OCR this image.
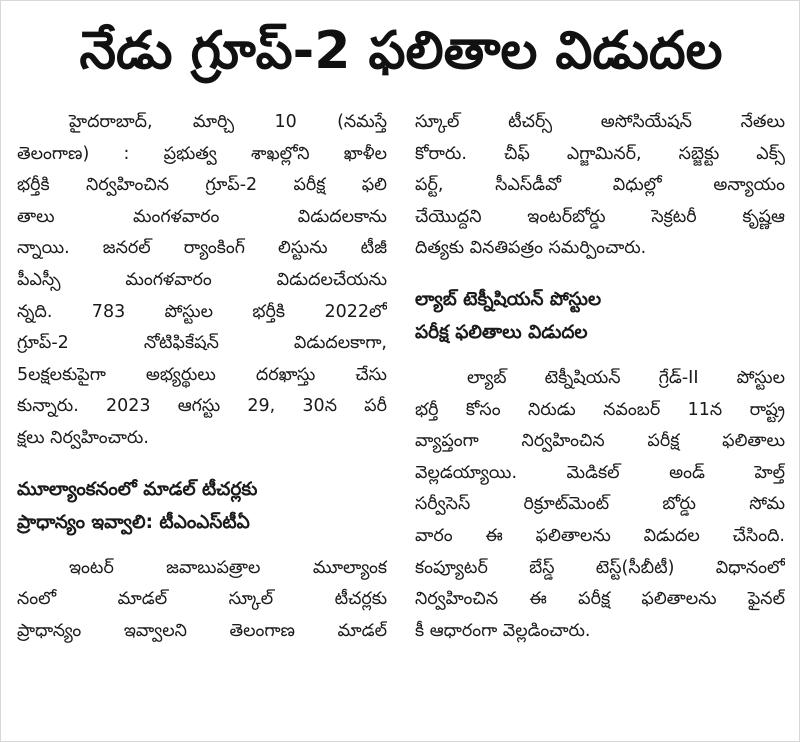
నేడు గ్రూప్‌-2 ఫలితాల విడుదల
హైదరాబాద్‌, మార్చి 10 (నమస్తే
తెలంగాణ) : ప్రభుత్వ శాఖల్లోని ఖాళీల
భర్తీకి నిర్వహించిన గ్రూప్‌-2 పరీక్ష ఫలి
తాలు మంగళవారం విడుదలకాను
న్నాయి. జనరల్‌ ర్యాంకింగ్‌ లిస్టును టీజీ
పీఎస్సీ మంగళవారం విడుదలచేయను
న్నది. 783 పోస్టుల భర్తీకి 2022లో
గ్రూప్‌-2 నోటిఫికేషన్‌ విడుదలకాగా,
5లక్షలకుపైగా అభ్యర్థులు దరఖాస్తు చేసు
కున్నారు. 2023 ఆగస్టు 29, 30న పరీ
క్షలు నిర్వహించారు.
మూల్యాంకనంలో మాడల్‌ టీచర్లకు
ప్రాధాన్యం ఇవ్వాలి: టీఎంఎస్‌టీఏ
ఇంటర్‌ జవాబుపత్రాల మూల్యాంక
నంలో మాడల్‌ స్కూల్‌ టీచర్లకు
ప్రాధాన్యం ఇవ్వాలని తెలంగాణ మాడల్‌
స్కూల్‌ టీచర్స్‌ అసోసియేషన్‌ నేతలు
కోరారు. చీఫ్‌ ఎగ్జామినర్‌, సబ్జెక్టు ఎక్స్‌
పర్ట్‌, సీఎస్‌డీవో విధుల్లో అన్యాయం
చేయొద్దని ఇంటర్‌బోర్డు సెక్రటరీ కృష్ణఆ
దిత్యకు వినతిపత్రం సమర్పించారు.
ల్యాబ్‌ టెక్నీషియన్‌ పోస్టుల
పరీక్ష ఫలితాలు విడుదల
ల్యాబ్‌ టెక్నీషియన్‌ గ్రేడ్‌-II పోస్టుల
భర్తీ కోసం నిరుడు నవంబర్‌ 11న రాష్ట్ర
వ్యాప్తంగా నిర్వహించిన పరీక్ష ఫలితాలు
వెల్లడయ్యాయి. మెడికల్‌ అండ్‌ హెల్త్‌
సర్వీసెస్‌ రిక్రూట్‌మెంట్‌ బోర్డు సోమ
వారం ఈ ఫలితాలను విడుదల చేసింది.
కంప్యూటర్‌ బేస్డ్‌ టెస్ట్‌(సీబీటీ) విధానంలో
నిర్వహించిన ఈ పరీక్ష ఫలితాలను ఫైనల్‌
కీ ఆధారంగా వెల్లడించారు.
